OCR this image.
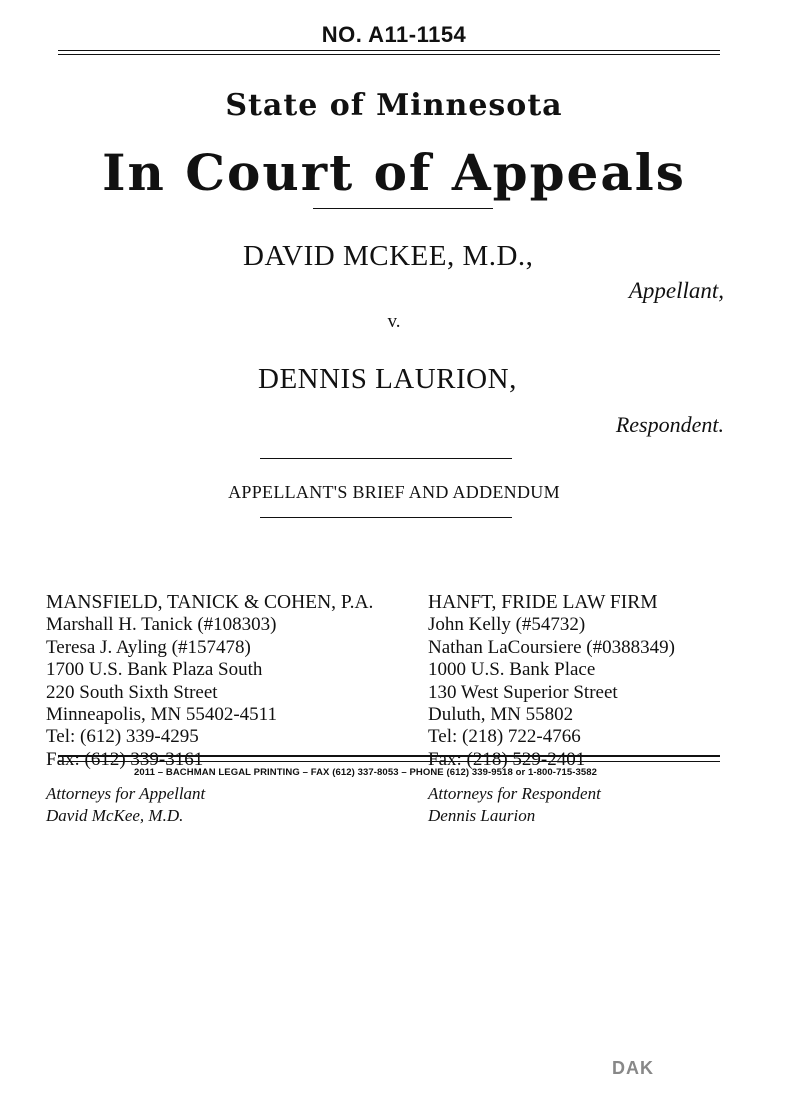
NO. A11-1154
State of Minnesota
In Court of Appeals
DAVID MCKEE, M.D.,
Appellant,
v.
DENNIS LAURION,
Respondent.
APPELLANT'S BRIEF AND ADDENDUM
MANSFIELD, TANICK & COHEN, P.A.
Marshall H. Tanick (#108303)
Teresa J. Ayling (#157478)
1700 U.S. Bank Plaza South
220 South Sixth Street
Minneapolis, MN 55402-4511
Tel: (612) 339-4295
Fax: (612) 339-3161
Attorneys for Appellant
David McKee, M.D.
HANFT, FRIDE LAW FIRM
John Kelly (#54732)
Nathan LaCoursiere (#0388349)
1000 U.S. Bank Place
130 West Superior Street
Duluth, MN 55802
Tel: (218) 722-4766
Fax: (218) 529-2401
Attorneys for Respondent
Dennis Laurion
2011 – BACHMAN LEGAL PRINTING – FAX (612) 337-8053 – PHONE (612) 339-9518 or 1-800-715-3582
DAK
